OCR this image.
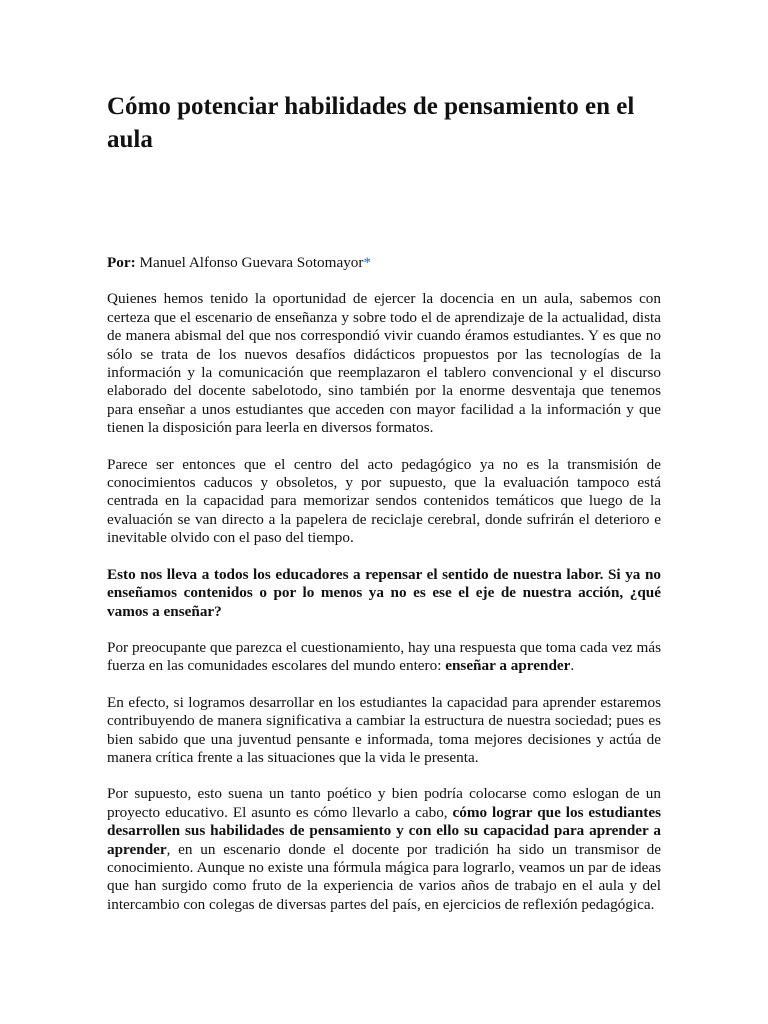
Cómo potenciar habilidades de pensamiento en el aula

Por: Manuel Alfonso Guevara Sotomayor*

Quienes hemos tenido la oportunidad de ejercer la docencia en un aula, sabemos con certeza que el escenario de enseñanza y sobre todo el de aprendizaje de la actualidad, dista de manera abismal del que nos correspondió vivir cuando éramos estudiantes. Y es que no sólo se trata de los nuevos desafíos didácticos propuestos por las tecnologías de la información y la comunicación que reemplazaron el tablero convencional y el discurso elaborado del docente sabelotodo, sino también por la enorme desventaja que tenemos para enseñar a unos estudiantes que acceden con mayor facilidad a la información y que tienen la disposición para leerla en diversos formatos.

Parece ser entonces que el centro del acto pedagógico ya no es la transmisión de conocimientos caducos y obsoletos, y por supuesto, que la evaluación tampoco está centrada en la capacidad para memorizar sendos contenidos temáticos que luego de la evaluación se van directo a la papelera de reciclaje cerebral, donde sufrirán el deterioro e inevitable olvido con el paso del tiempo.

Esto nos lleva a todos los educadores a repensar el sentido de nuestra labor. Si ya no enseñamos contenidos o por lo menos ya no es ese el eje de nuestra acción, ¿qué vamos a enseñar?

Por preocupante que parezca el cuestionamiento, hay una respuesta que toma cada vez más fuerza en las comunidades escolares del mundo entero: enseñar a aprender.

En efecto, si logramos desarrollar en los estudiantes la capacidad para aprender estaremos contribuyendo de manera significativa a cambiar la estructura de nuestra sociedad; pues es bien sabido que una juventud pensante e informada, toma mejores decisiones y actúa de manera crítica frente a las situaciones que la vida le presenta.

Por supuesto, esto suena un tanto poético y bien podría colocarse como eslogan de un proyecto educativo. El asunto es cómo llevarlo a cabo, cómo lograr que los estudiantes desarrollen sus habilidades de pensamiento y con ello su capacidad para aprender a aprender, en un escenario donde el docente por tradición ha sido un transmisor de conocimiento. Aunque no existe una fórmula mágica para lograrlo, veamos un par de ideas que han surgido como fruto de la experiencia de varios años de trabajo en el aula y del intercambio con colegas de diversas partes del país, en ejercicios de reflexión pedagógica.
